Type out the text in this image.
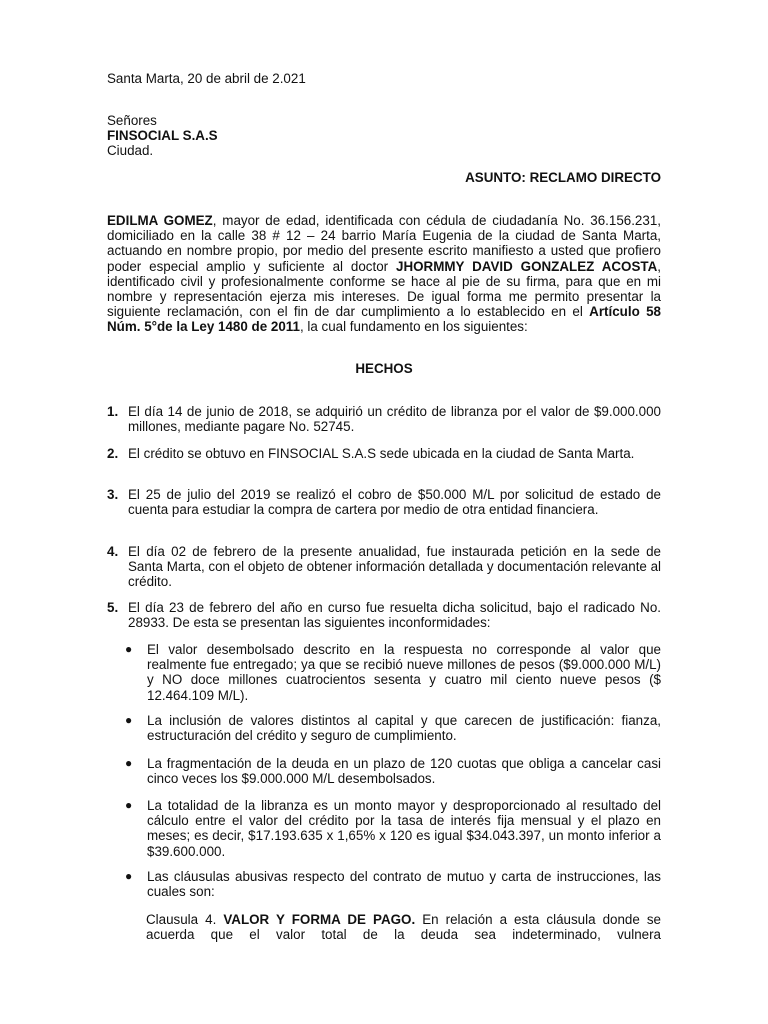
Santa Marta, 20 de abril de 2.021
Señores
FINSOCIAL S.A.S
Ciudad.
ASUNTO: RECLAMO DIRECTO
EDILMA GOMEZ, mayor de edad, identificada con cédula de ciudadanía No. 36.156.231, domiciliado en la calle 38 # 12 – 24 barrio María Eugenia de la ciudad de Santa Marta, actuando en nombre propio, por medio del presente escrito manifiesto a usted que profiero poder especial amplio y suficiente al doctor JHORMMY DAVID GONZALEZ ACOSTA, identificado civil y profesionalmente conforme se hace al pie de su firma, para que en mi nombre y representación ejerza mis intereses. De igual forma me permito presentar la siguiente reclamación, con el fin de dar cumplimiento a lo establecido en el Artículo 58 Núm. 5°de la Ley 1480 de 2011, la cual fundamento en los siguientes:
HECHOS
1. El día 14 de junio de 2018, se adquirió un crédito de libranza por el valor de $9.000.000 millones, mediante pagare No. 52745.
2. El crédito se obtuvo en FINSOCIAL S.A.S sede ubicada en la ciudad de Santa Marta.
3. El 25 de julio del 2019 se realizó el cobro de $50.000 M/L por solicitud de estado de cuenta para estudiar la compra de cartera por medio de otra entidad financiera.
4. El día 02 de febrero de la presente anualidad, fue instaurada petición en la sede de Santa Marta, con el objeto de obtener información detallada y documentación relevante al crédito.
5. El día 23 de febrero del año en curso fue resuelta dicha solicitud, bajo el radicado No. 28933. De esta se presentan las siguientes inconformidades:
● El valor desembolsado descrito en la respuesta no corresponde al valor que realmente fue entregado; ya que se recibió nueve millones de pesos ($9.000.000 M/L) y NO doce millones cuatrocientos sesenta y cuatro mil ciento nueve pesos ($ 12.464.109 M/L).
● La inclusión de valores distintos al capital y que carecen de justificación: fianza, estructuración del crédito y seguro de cumplimiento.
● La fragmentación de la deuda en un plazo de 120 cuotas que obliga a cancelar casi cinco veces los $9.000.000 M/L desembolsados.
● La totalidad de la libranza es un monto mayor y desproporcionado al resultado del cálculo entre el valor del crédito por la tasa de interés fija mensual y el plazo en meses; es decir, $17.193.635 x 1,65% x 120 es igual $34.043.397, un monto inferior a $39.600.000.
● Las cláusulas abusivas respecto del contrato de mutuo y carta de instrucciones, las cuales son:
Clausula 4. VALOR Y FORMA DE PAGO. En relación a esta cláusula donde se acuerda que el valor total de la deuda sea indeterminado, vulnera
